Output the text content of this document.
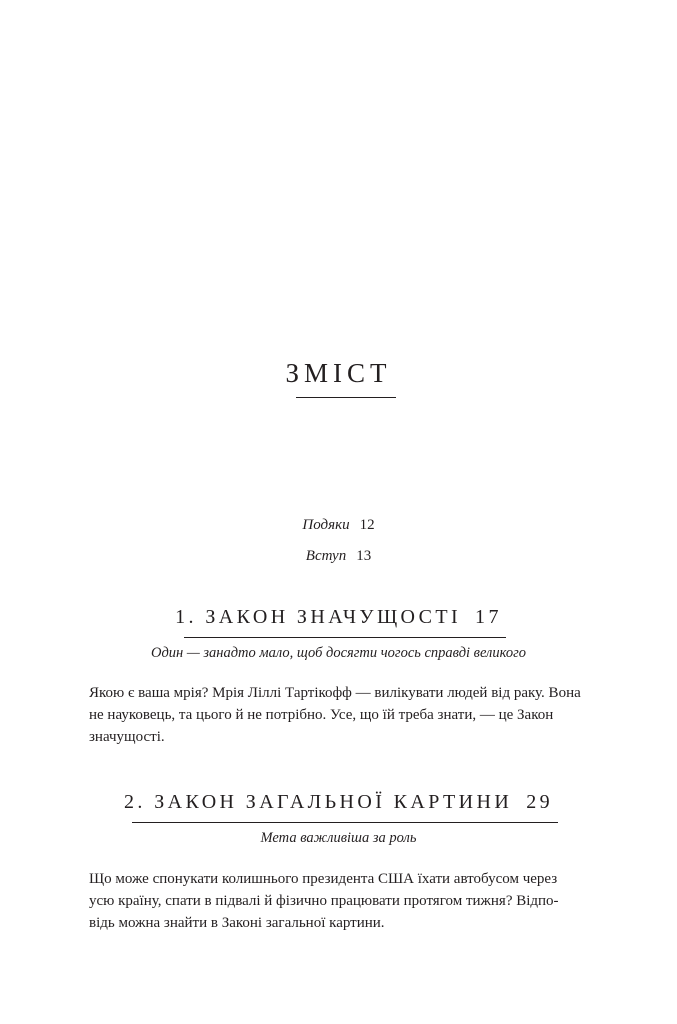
ЗМІСТ
Подяки 12
Вступ 13
1. ЗАКОН ЗНАЧУЩОСТІ 17
Один — занадто мало, щоб досягти чогось справді великого

Якою є ваша мрія? Мрія Ліллі Тартікофф — вилікувати людей від раку. Вона
не науковець, та цього й не потрібно. Усе, що їй треба знати, — це Закон
значущості.

2. ЗАКОН ЗАГАЛЬНОЇ КАРТИНИ 29
Мета важливіша за роль

Що може спонукати колишнього президента США їхати автобусом через
усю країну, спати в підвалі й фізично працювати протягом тижня? Відпо-
відь можна знайти в Законі загальної картини.
